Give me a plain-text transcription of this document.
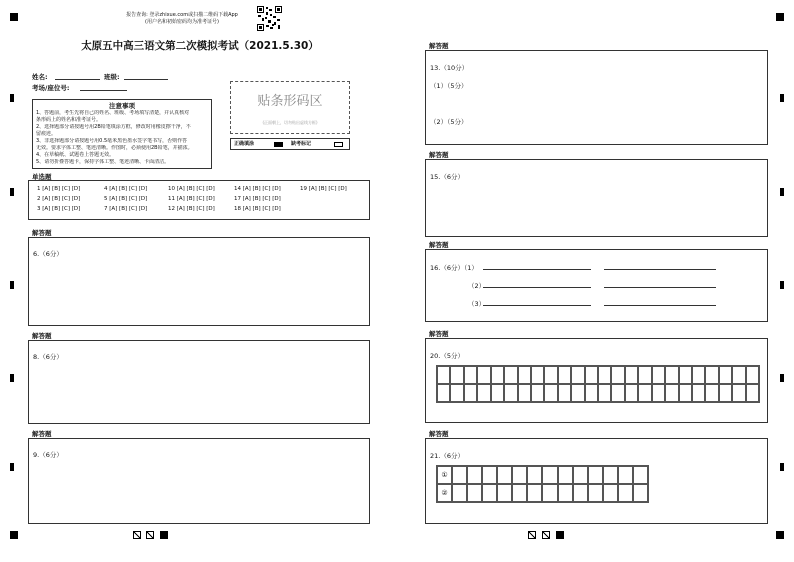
报告查询: 登录zhixue.com或扫描二维码下载App
(用户名和初始密码均为准考证号)
太原五中高三语文第二次模拟考试（2021.5.30）
姓名:	班级:
考场/座位号:
注意事项
1、答题前，考生先将自己的姓名、班级、考场填写清楚，并认真核对
条形码上的姓名和准考证号。
2、选择题部分请按题号用2B铅笔填涂方框，修改时用橡皮擦干净，不
留痕迹。
3、非选择题部分请按题号用0.5毫米黑色墨水签字笔书写，否则作答
无效。要求字体工整、笔迹清晰。作图时，必须使用2B铅笔，并描浓。
4、在草稿纸、试题卷上答题无效。
5、请勿折叠答题卡，保持字体工整、笔迹清晰、卡面清洁。
贴条形码区
(正面朝上，切勿贴出虚线方框)
正确填涂	缺考标记
单选题
1 [A] [B] [C] [D]	4 [A] [B] [C] [D]	10 [A] [B] [C] [D]	14 [A] [B] [C] [D]	19 [A] [B] [C] [D]
2 [A] [B] [C] [D]	5 [A] [B] [C] [D]	11 [A] [B] [C] [D]	17 [A] [B] [C] [D]
3 [A] [B] [C] [D]	7 [A] [B] [C] [D]	12 [A] [B] [C] [D]	18 [A] [B] [C] [D]
解答题
6.（6分）
解答题
8.（6分）
解答题
9.（6分）
解答题
13.（10分）
（1）（5分）
（2）（5分）
解答题
15.（6分）
解答题
16.（6分）（1）
（2）
（3）
解答题
20.（5分）
解答题
21.（6分）
①
②
